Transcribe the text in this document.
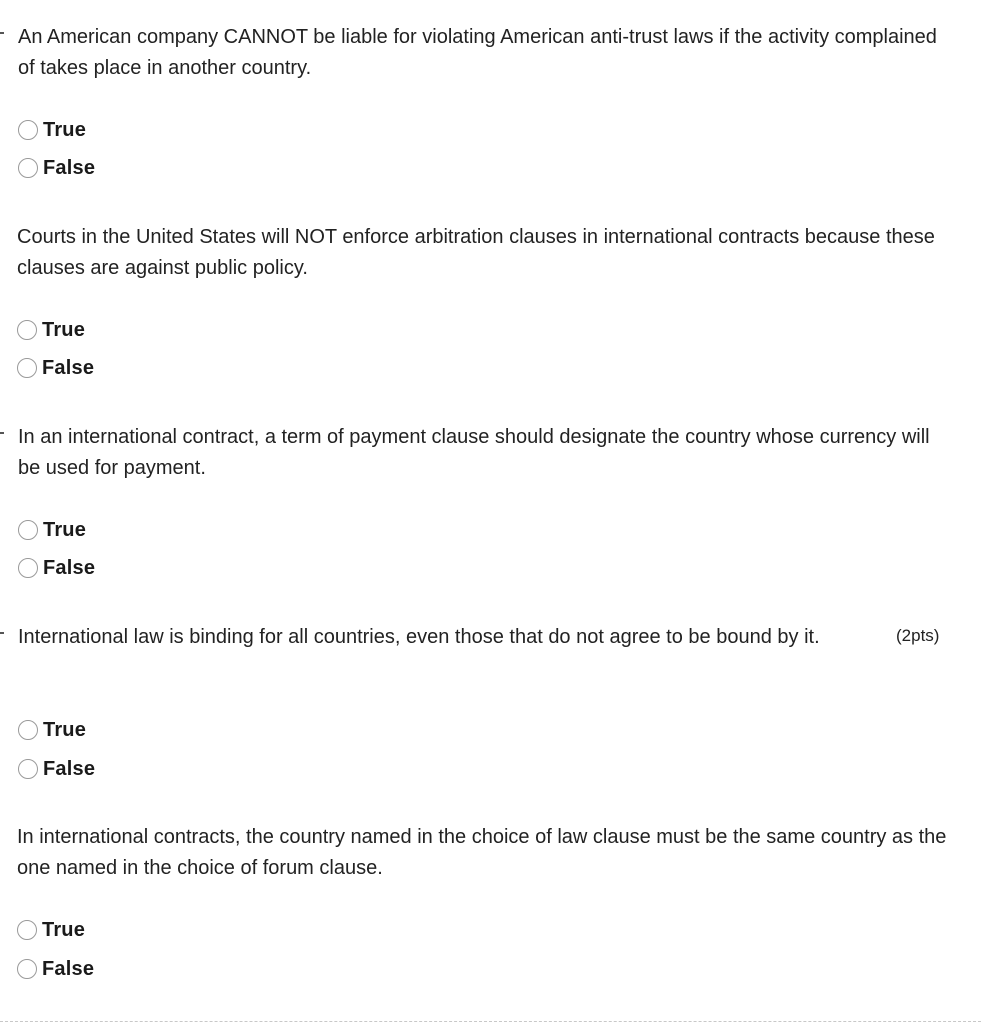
An American company CANNOT be liable for violating American anti-trust laws if the activity complained of takes place in another country.

True
False

Courts in the United States will NOT enforce arbitration clauses in international contracts because these clauses are against public policy.

True
False

In an international contract, a term of payment clause should designate the country whose currency will be used for payment.

True
False

International law is binding for all countries, even those that do not agree to be bound by it.	(2pts)
True
False

In international contracts, the country named in the choice of law clause must be the same country as the one named in the choice of forum clause.

True
False
